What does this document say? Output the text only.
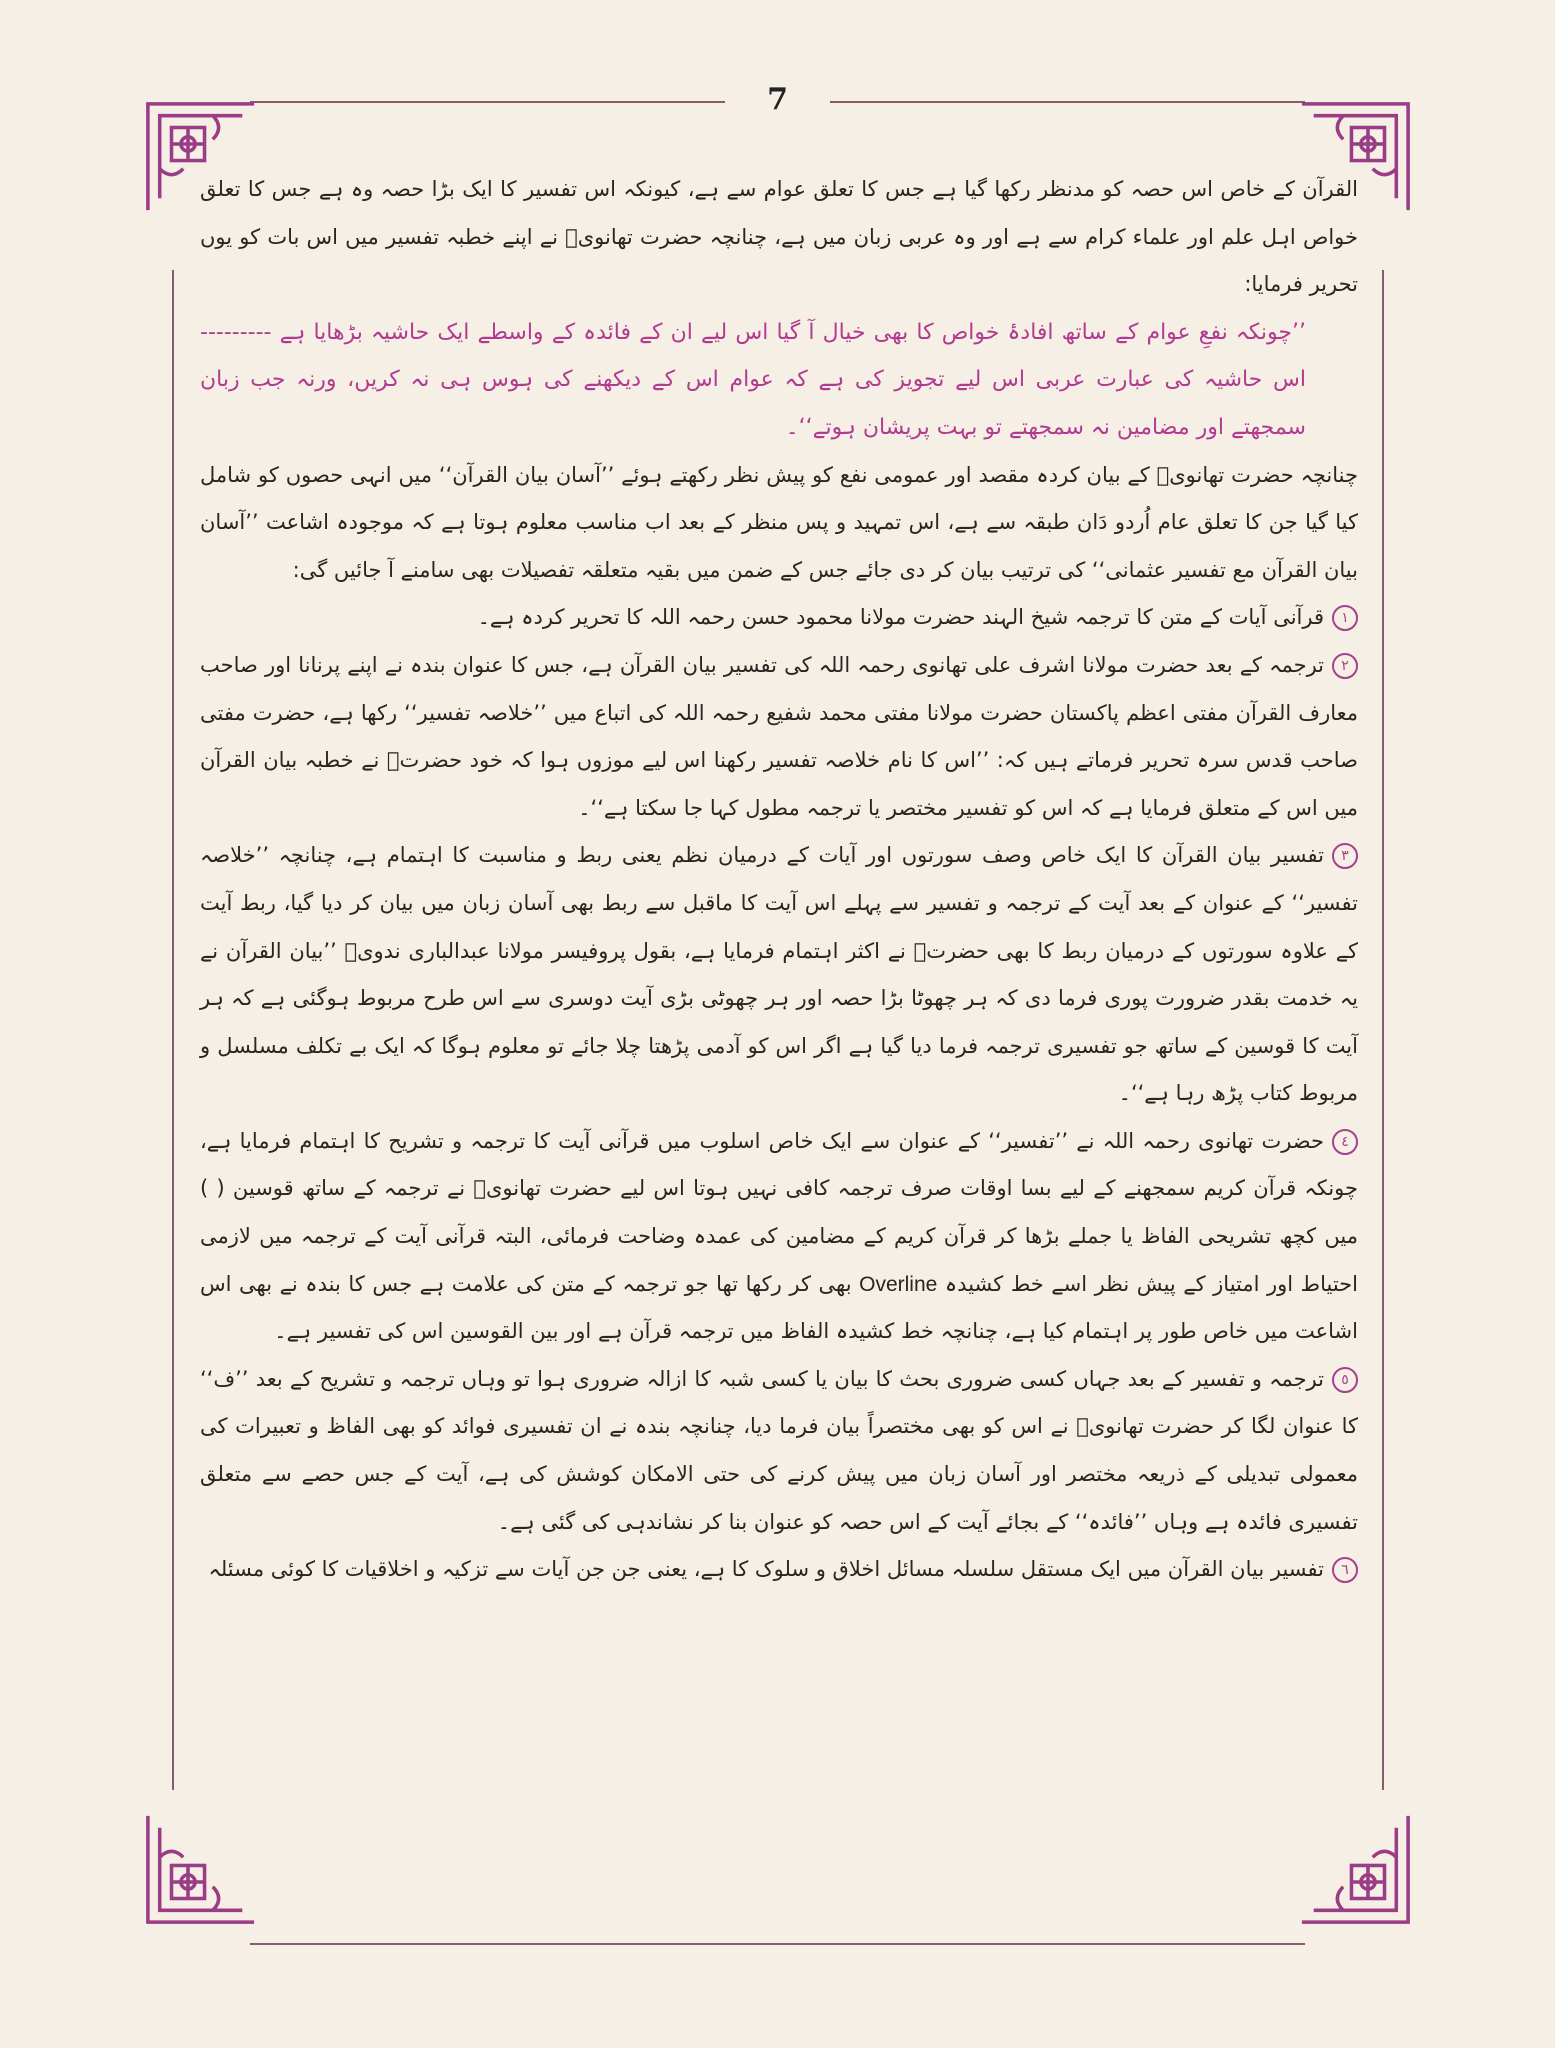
7

القرآن کے خاص اس حصہ کو مدنظر رکھا گیا ہے جس کا تعلق عوام سے ہے، کیونکہ اس تفسیر کا ایک بڑا حصہ وہ ہے جس کا تعلق خواص اہل علم اور علماء کرام سے ہے اور وہ عربی زبان میں ہے، چنانچہ حضرت تھانویؒ نے اپنے خطبہ تفسیر میں اس بات کو یوں تحریر فرمایا:

’’چونکہ نفعِ عوام کے ساتھ افادۂ خواص کا بھی خیال آ گیا اس لیے ان کے فائدہ کے واسطے ایک حاشیہ بڑھایا ہے ---------اس حاشیہ کی عبارت عربی اس لیے تجویز کی ہے کہ عوام اس کے دیکھنے کی ہوس ہی نہ کریں، ورنہ جب زبان سمجھتے اور مضامین نہ سمجھتے تو بہت پریشان ہوتے‘‘۔

چنانچہ حضرت تھانویؒ کے بیان کردہ مقصد اور عمومی نفع کو پیش نظر رکھتے ہوئے ’’آسان بیان القرآن‘‘ میں انہی حصوں کو شامل کیا گیا جن کا تعلق عام اُردو دَان طبقہ سے ہے، اس تمہید و پس منظر کے بعد اب مناسب معلوم ہوتا ہے کہ موجودہ اشاعت ’’آسان بیان القرآن مع تفسیر عثمانی‘‘ کی ترتیب بیان کر دی جائے جس کے ضمن میں بقیہ متعلقہ تفصیلات بھی سامنے آ جائیں گی:

١قرآنی آیات کے متن کا ترجمہ شیخ الہند حضرت مولانا محمود حسن رحمہ اللہ کا تحریر کردہ ہے۔

٢ترجمہ کے بعد حضرت مولانا اشرف علی تھانوی رحمہ اللہ کی تفسیر بیان القرآن ہے، جس کا عنوان بندہ نے اپنے پرنانا اور صاحب معارف القرآن مفتی اعظم پاکستان حضرت مولانا مفتی محمد شفیع رحمہ اللہ کی اتباع میں ’’خلاصہ تفسیر‘‘ رکھا ہے، حضرت مفتی صاحب قدس سرہ تحریر فرماتے ہیں کہ: ’’اس کا نام خلاصہ تفسیر رکھنا اس لیے موزوں ہوا کہ خود حضرتؒ نے خطبہ بیان القرآن میں اس کے متعلق فرمایا ہے کہ اس کو تفسیر مختصر یا ترجمہ مطول کہا جا سکتا ہے‘‘۔

٣تفسیر بیان القرآن کا ایک خاص وصف سورتوں اور آیات کے درمیان نظم یعنی ربط و مناسبت کا اہتمام ہے، چنانچہ ’’خلاصہ تفسیر‘‘ کے عنوان کے بعد آیت کے ترجمہ و تفسیر سے پہلے اس آیت کا ماقبل سے ربط بھی آسان زبان میں بیان کر دیا گیا، ربط آیت کے علاوہ سورتوں کے درمیان ربط کا بھی حضرتؒ نے اکثر اہتمام فرمایا ہے، بقول پروفیسر مولانا عبدالباری ندویؒ ’’بیان القرآن نے یہ خدمت بقدر ضرورت پوری فرما دی کہ ہر چھوٹا بڑا حصہ اور ہر چھوٹی بڑی آیت دوسری سے اس طرح مربوط ہوگئی ہے کہ ہر آیت کا قوسین کے ساتھ جو تفسیری ترجمہ فرما دیا گیا ہے اگر اس کو آدمی پڑھتا چلا جائے تو معلوم ہوگا کہ ایک بے تکلف مسلسل و مربوط کتاب پڑھ رہا ہے‘‘۔

٤حضرت تھانوی رحمہ اللہ نے ’’تفسیر‘‘ کے عنوان سے ایک خاص اسلوب میں قرآنی آیت کا ترجمہ و تشریح کا اہتمام فرمایا ہے، چونکہ قرآن کریم سمجھنے کے لیے بسا اوقات صرف ترجمہ کافی نہیں ہوتا اس لیے حضرت تھانویؒ نے ترجمہ کے ساتھ قوسین ( ) میں کچھ تشریحی الفاظ یا جملے بڑھا کر قرآن کریم کے مضامین کی عمدہ وضاحت فرمائی، البتہ قرآنی آیت کے ترجمہ میں لازمی احتیاط اور امتیاز کے پیش نظر اسے خط کشیدہ Overline بھی کر رکھا تھا جو ترجمہ کے متن کی علامت ہے جس کا بندہ نے بھی اس اشاعت میں خاص طور پر اہتمام کیا ہے، چنانچہ خط کشیدہ الفاظ میں ترجمہ قرآن ہے اور بین القوسین اس کی تفسیر ہے۔

٥ترجمہ و تفسیر کے بعد جہاں کسی ضروری بحث کا بیان یا کسی شبہ کا ازالہ ضروری ہوا تو وہاں ترجمہ و تشریح کے بعد ’’ف‘‘ کا عنوان لگا کر حضرت تھانویؒ نے اس کو بھی مختصراً بیان فرما دیا، چنانچہ بندہ نے ان تفسیری فوائد کو بھی الفاظ و تعبیرات کی معمولی تبدیلی کے ذریعہ مختصر اور آسان زبان میں پیش کرنے کی حتی الامکان کوشش کی ہے، آیت کے جس حصے سے متعلق تفسیری فائدہ ہے وہاں ’’فائدہ‘‘ کے بجائے آیت کے اس حصہ کو عنوان بنا کر نشاندہی کی گئی ہے۔

٦تفسیر بیان القرآن میں ایک مستقل سلسلہ مسائل اخلاق و سلوک کا ہے، یعنی جن جن آیات سے تزکیہ و اخلاقیات کا کوئی مسئلہ
